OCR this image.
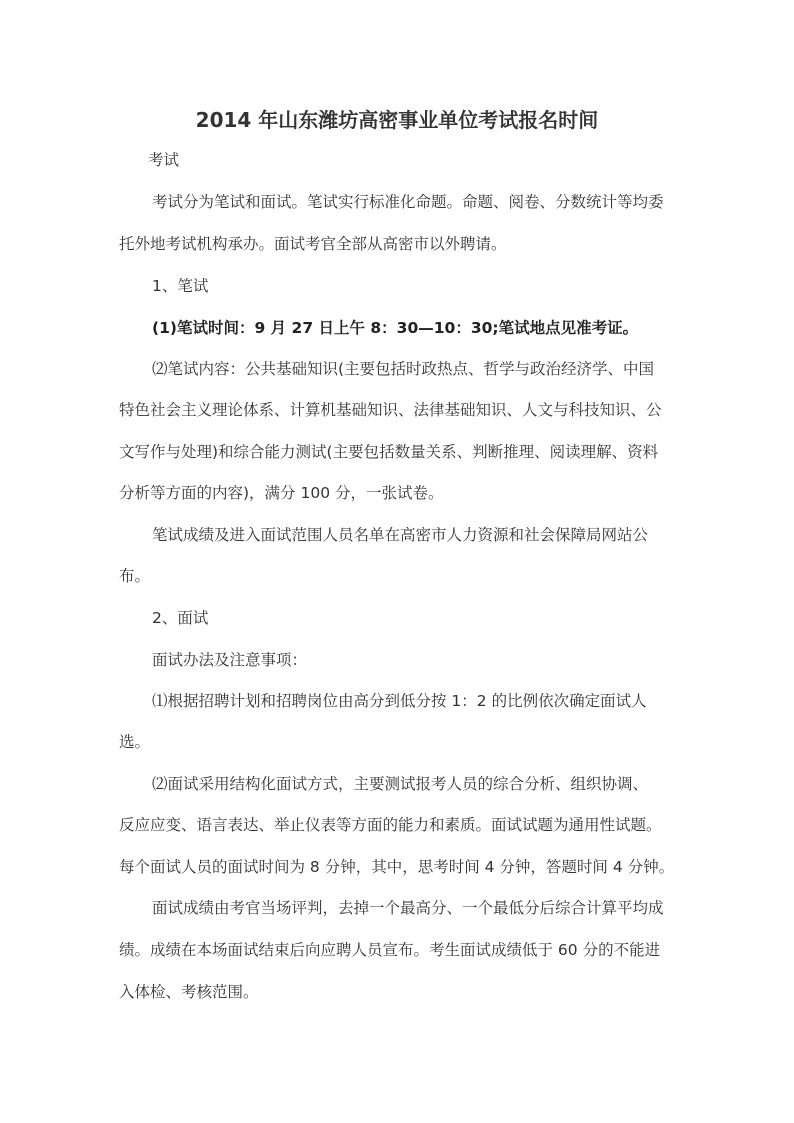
2014 年山东潍坊高密事业单位考试报名时间

考试

考试分为笔试和面试。笔试实行标准化命题。命题、阅卷、分数统计等均委

托外地考试机构承办。面试考官全部从高密市以外聘请。

1、笔试

(1)笔试时间：9 月 27 日上午 8：30—10：30;笔试地点见准考证。

⑵笔试内容：公共基础知识(主要包括时政热点、哲学与政治经济学、中国

特色社会主义理论体系、计算机基础知识、法律基础知识、人文与科技知识、公

文写作与处理)和综合能力测试(主要包括数量关系、判断推理、阅读理解、资料

分析等方面的内容)，满分 100 分，一张试卷。

笔试成绩及进入面试范围人员名单在高密市人力资源和社会保障局网站公

布。

2、面试

面试办法及注意事项：

⑴根据招聘计划和招聘岗位由高分到低分按 1：2 的比例依次确定面试人

选。

⑵面试采用结构化面试方式，主要测试报考人员的综合分析、组织协调、

反应应变、语言表达、举止仪表等方面的能力和素质。面试试题为通用性试题。

每个面试人员的面试时间为 8 分钟，其中，思考时间 4 分钟，答题时间 4 分钟。

面试成绩由考官当场评判，去掉一个最高分、一个最低分后综合计算平均成

绩。成绩在本场面试结束后向应聘人员宣布。考生面试成绩低于 60 分的不能进

入体检、考核范围。
